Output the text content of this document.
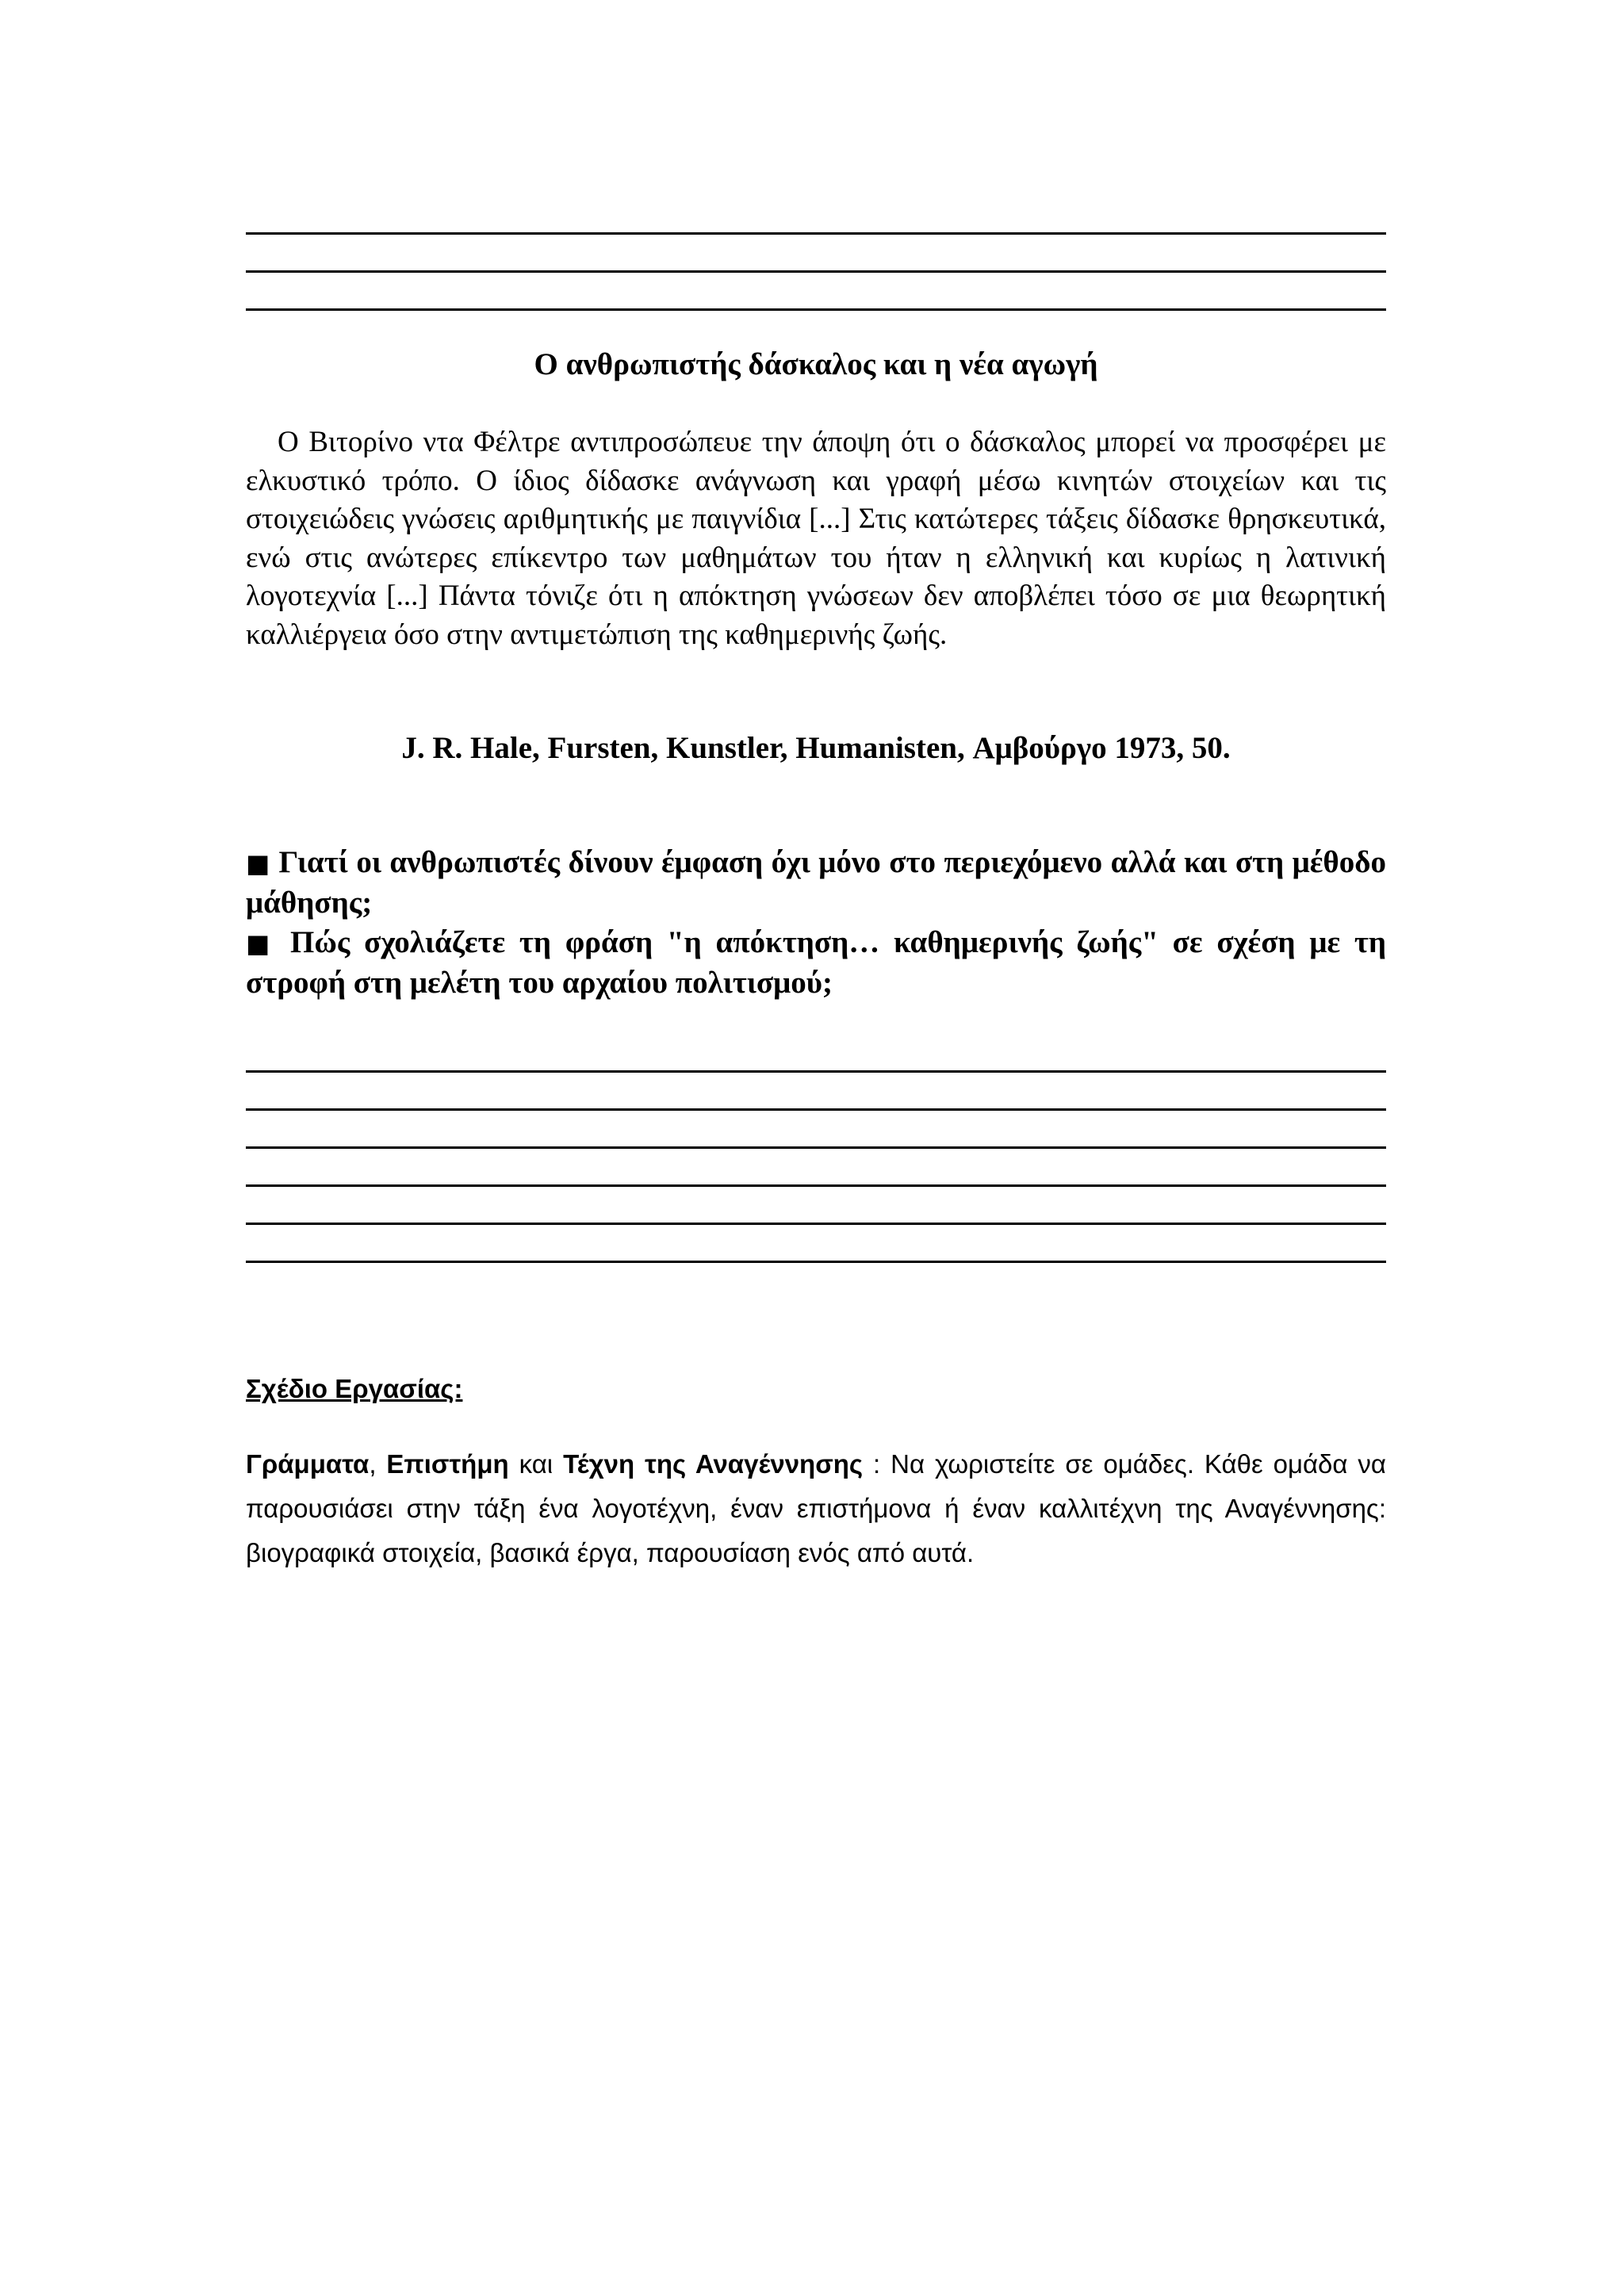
Ο ανθρωπιστής δάσκαλος και η νέα αγωγή

Ο Βιτορίνο ντα Φέλτρε αντιπροσώπευε την άποψη ότι ο δάσκαλος μπορεί να προσφέρει με ελκυστικό τρόπο. Ο ίδιος δίδασκε ανάγνωση και γραφή μέσω κινητών στοιχείων και τις στοιχειώδεις γνώσεις αριθμητικής με παιγνίδια [...] Στις κατώτερες τάξεις δίδασκε θρησκευτικά, ενώ στις ανώτερες επίκεντρο των μαθημάτων του ήταν η ελληνική και κυρίως η λατινική λογοτεχνία [...] Πάντα τόνιζε ότι η απόκτηση γνώσεων δεν αποβλέπει τόσο σε μια θεωρητική καλλιέργεια όσο στην αντιμετώπιση της καθημερινής ζωής.

J. R. Hale, Fursten, Kunstler, Humanisten, Αμβούργο 1973, 50.

■ Γιατί οι ανθρωπιστές δίνουν έμφαση όχι μόνο στο περιεχόμενο αλλά και στη μέθοδο μάθησης;

■ Πώς σχολιάζετε τη φράση "η απόκτηση… καθημερινής ζωής" σε σχέση με τη στροφή στη μελέτη του αρχαίου πολιτισμού;

Σχέδιο Εργασίας:

Γράμματα, Επιστήμη και Τέχνη της Αναγέννησης : Να χωριστείτε σε ομάδες. Κάθε ομάδα να παρουσιάσει στην τάξη ένα λογοτέχνη, έναν επιστήμονα ή έναν καλλιτέχνη της Αναγέννησης: βιογραφικά στοιχεία, βασικά έργα, παρουσίαση ενός από αυτά.
